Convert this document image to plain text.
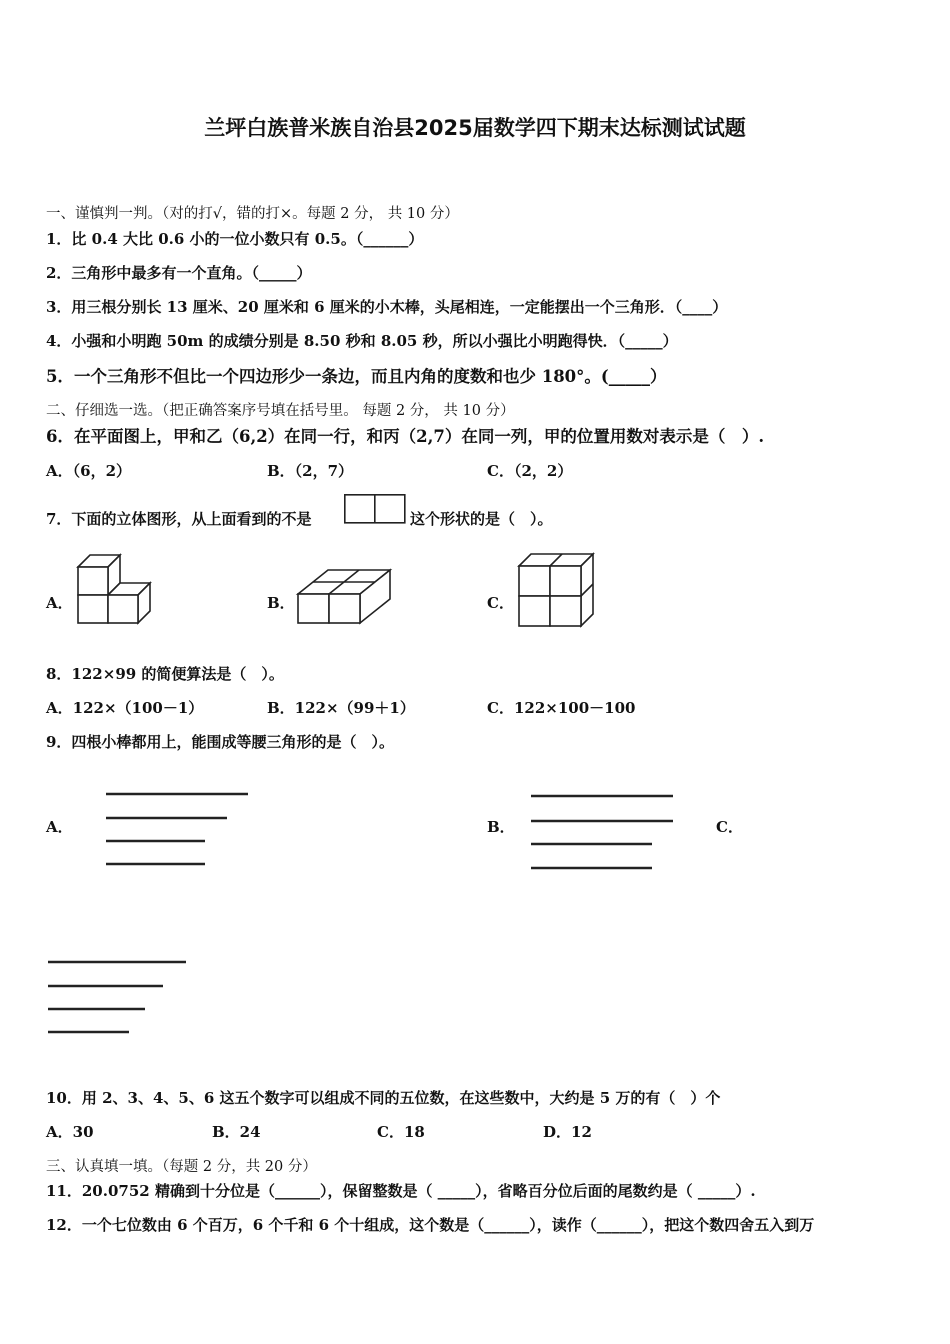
兰坪白族普米族自治县2025届数学四下期末达标测试试题
一、谨慎判一判。（对的打√，错的打×。每题 2 分， 共 10 分）
1．比 0.4 大比 0.6 小的一位小数只有 0.5。（______）
2．三角形中最多有一个直角。（_____）
3．用三根分别长 13 厘米、20 厘米和 6 厘米的小木棒，头尾相连，一定能摆出一个三角形．（____）
4．小强和小明跑 50m 的成绩分别是 8.50 秒和 8.05 秒，所以小强比小明跑得快．（_____）
5．一个三角形不但比一个四边形少一条边，而且内角的度数和也少 180°。(_____）
二、仔细选一选。（把正确答案序号填在括号里。 每题 2 分， 共 10 分）
6．在平面图上，甲和乙（6,2）在同一行，和丙（2,7）在同一列，甲的位置用数对表示是（　）.
A．（6，2）	B．（2，7）	C．（2，2）
7．下面的立体图形，从上面看到的不是	这个形状的是（　）。
A．	B．	C．
8．122×99 的简便算法是（　）。
A．122×（100－1）	B．122×（99＋1）	C．122×100－100
9．四根小棒都用上，能围成等腰三角形的是（　）。
A．	B．	C．
10．用 2、3、4、5、6 这五个数字可以组成不同的五位数，在这些数中，大约是 5 万的有（　）个
A．30	B．24	C．18	D．12
三、认真填一填。（每题 2 分，共 20 分）
11．20.0752 精确到十分位是（______），保留整数是（ _____），省略百分位后面的尾数约是（ _____）.
12．一个七位数由 6 个百万，6 个千和 6 个十组成，这个数是（______），读作（______），把这个数四舍五入到万
